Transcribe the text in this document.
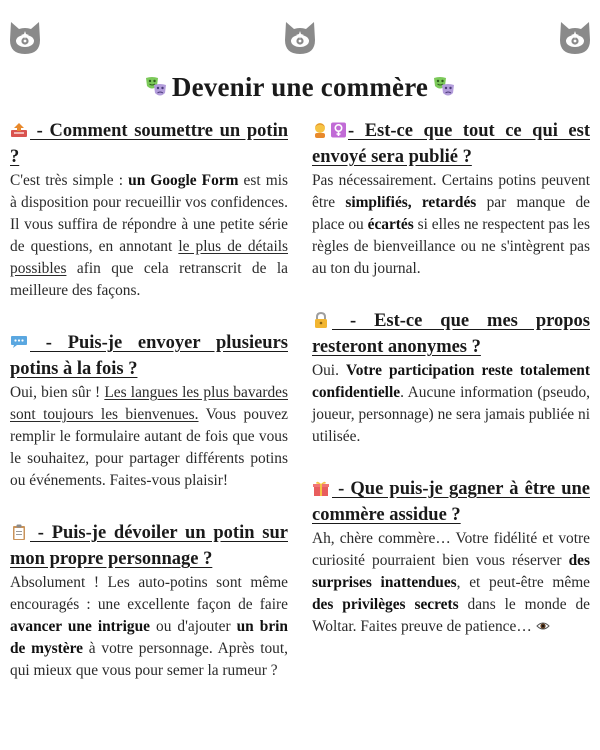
Devenir une commère
- Comment soumettre un potin ?

C'est très simple : un Google Form est mis à disposition pour recueillir vos confidences. Il vous suffira de répondre à une petite série de questions, en annotant le plus de détails possibles afin que cela retranscrit de la meilleure des façons.

- Puis-je envoyer plusieurs potins à la fois ?

Oui, bien sûr ! Les langues les plus bavardes sont toujours les bienvenues. Vous pouvez remplir le formulaire autant de fois que vous le souhaitez, pour partager différents potins ou événements. Faites-vous plaisir!

- Puis-je dévoiler un potin sur mon propre personnage ?

Absolument ! Les auto-potins sont même encouragés : une excellente façon de faire avancer une intrigue ou d'ajouter un brin de mystère à votre personnage. Après tout, qui mieux que vous pour semer la rumeur ?

- Est-ce que tout ce qui est envoyé sera publié ?

Pas nécessairement. Certains potins peuvent être simplifiés, retardés par manque de place ou écartés si elles ne respectent pas les règles de bienveillance ou ne s'intègrent pas au ton du journal.

- Est-ce que mes propos resteront anonymes ?

Oui. Votre participation reste totalement confidentielle. Aucune information (pseudo, joueur, personnage) ne sera jamais publiée ni utilisée.

- Que puis-je gagner à être une commère assidue ?

Ah, chère commère… Votre fidélité et votre curiosité pourraient bien vous réserver des surprises inattendues, et peut-être même des privilèges secrets dans le monde de Woltar. Faites preuve de patience…
